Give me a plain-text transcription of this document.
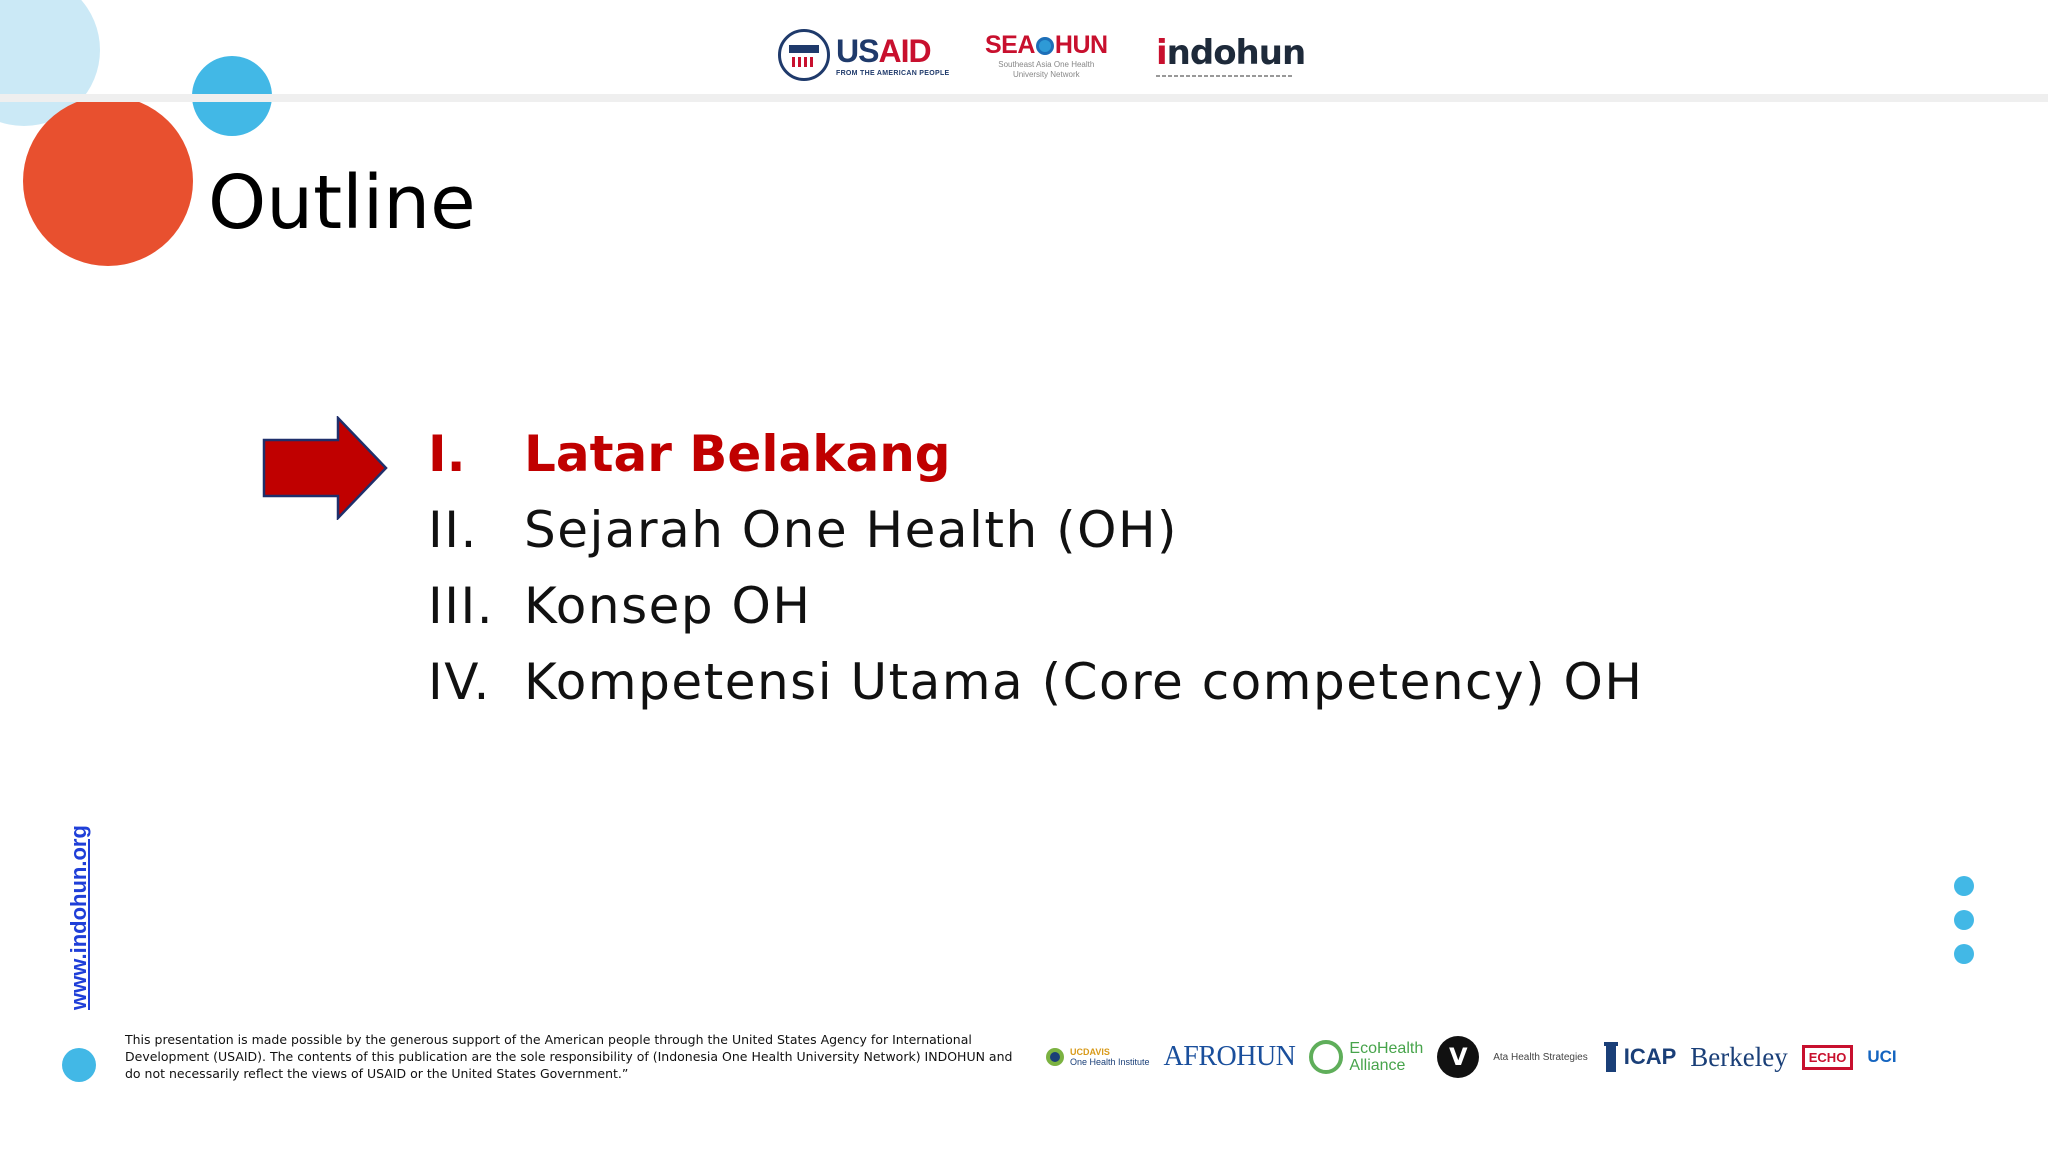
USAID
FROM THE AMERICAN PEOPLE
SEA HUN
Southeast Asia One Health
University Network
indohun
Outline
I.	Latar Belakang
II. Sejarah One Health (OH)
III. Konsep OH
IV. Kompetensi Utama (Core competency) OH
www.indohun.org
This presentation is made possible by the generous support of the American people through the United States Agency for International Development (USAID). The contents of this publication are the sole responsibility of (Indonesia One Health University Network) INDOHUN and do not necessarily reflect the views of USAID or the United States Government.”
UCDAVIS
One Health Institute AFROHUN	EcoHealth
Alliance	V	Ata Health Strategies ICAP Berkeley	ECHO	UCI
